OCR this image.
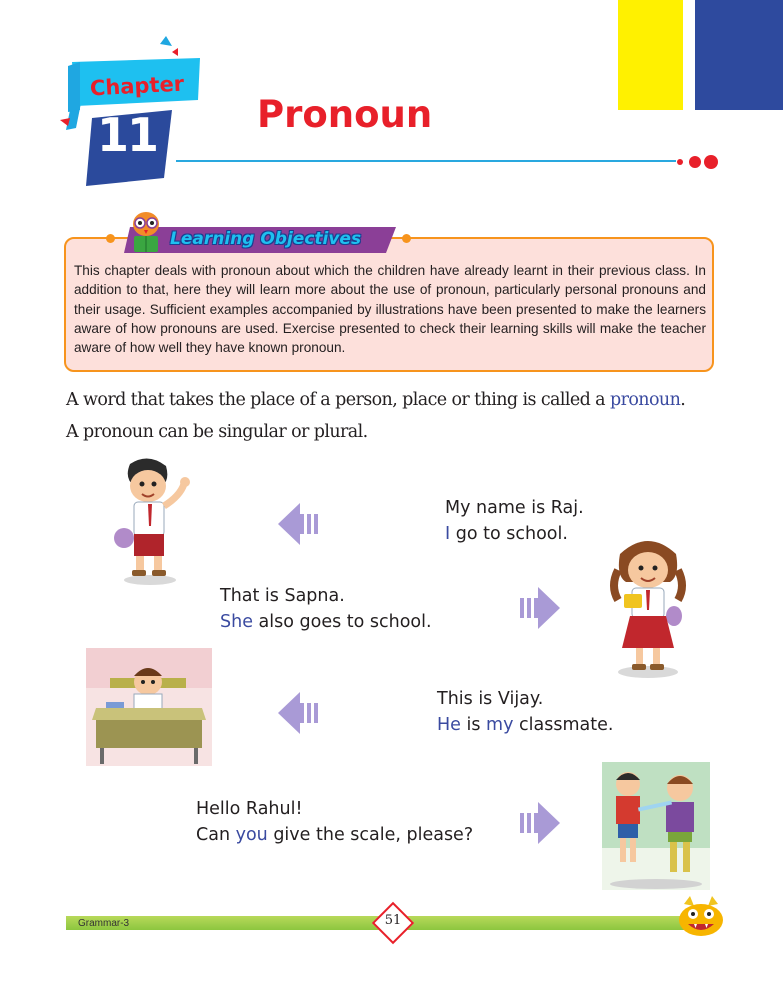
Chapter
11	Pronoun

This chapter deals with pronoun about which the children have already learnt in their previous class. In addition to that, here they will learn more about the use of pronoun, particularly personal pronouns and their usage. Sufficient examples accompanied by illustrations have been presented to make the learners aware of how pronouns are used. Exercise presented to check their learning skills will make the teacher aware of how well they have known pronoun.

Learning Objectives

A word that takes the place of a person, place or thing is called a pronoun.

A pronoun can be singular or plural.

My name is Raj.
I go to school.
That is Sapna.
She also goes to school.
This is Vijay.
He is my classmate.
Hello Rahul!
Can you give the scale, please?
Grammar-3	51
